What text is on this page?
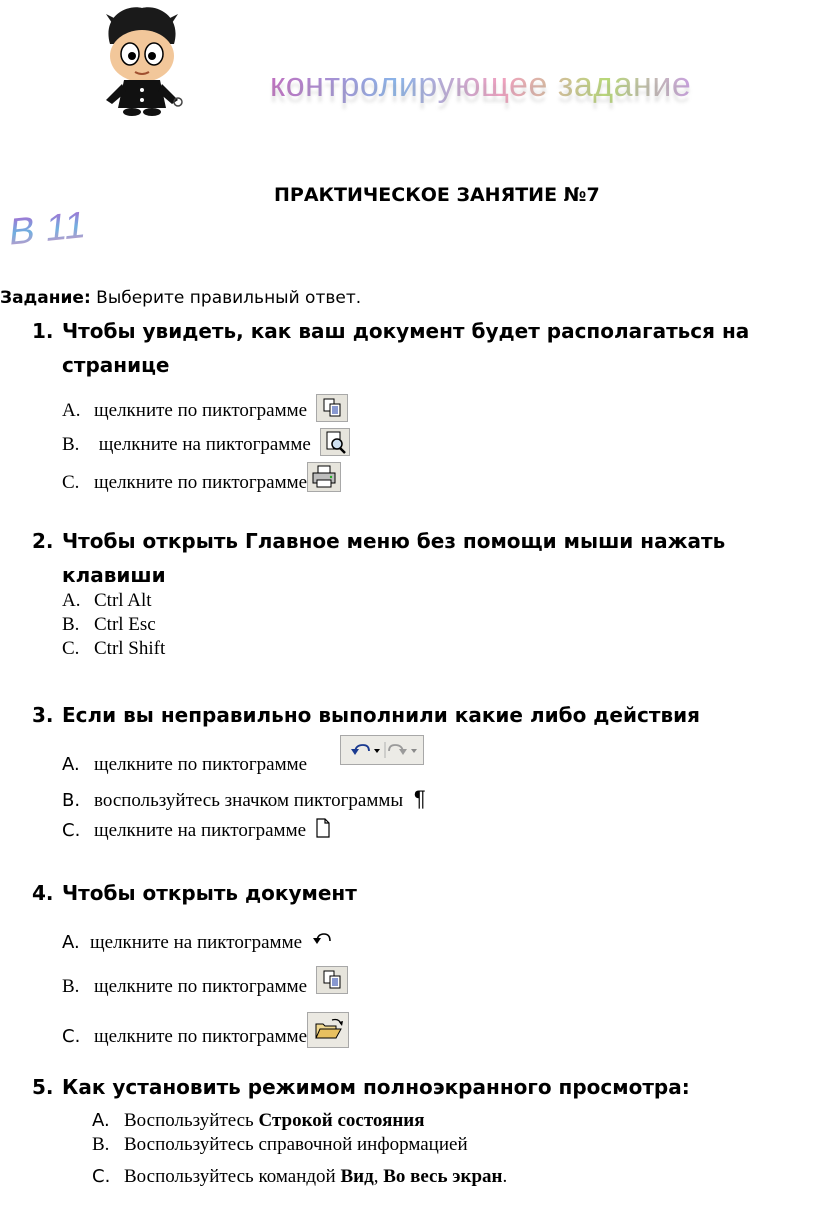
контролирующее задание
В 11
ПРАКТИЧЕСКОЕ ЗАНЯТИЕ №7
Задание: Выберите правильный ответ.
1. Чтобы увидеть, как ваш документ будет располагаться на странице
A. щелкните по пиктограмме
B. щелкните на пиктограмме
C. щелкните по пиктограмме
2. Чтобы открыть Главное меню без помощи мыши нажать клавиши
A. Ctrl Alt
B. Ctrl Esc
C. Ctrl Shift
3. Если вы неправильно выполнили какие либо действия
A. щелкните по пиктограмме
B. воспользуйтесь значком пиктограммы ¶
C. щелкните на пиктограмме
4. Чтобы открыть документ
A. щелкните на пиктограмме
B. щелкните по пиктограмме
C. щелкните по пиктограмме
5. Как установить режимом полноэкранного просмотра:
A. Воспользуйтесь Строкой состояния
B. Воспользуйтесь справочной информацией
C. Воспользуйтесь командой Вид, Во весь экран.
